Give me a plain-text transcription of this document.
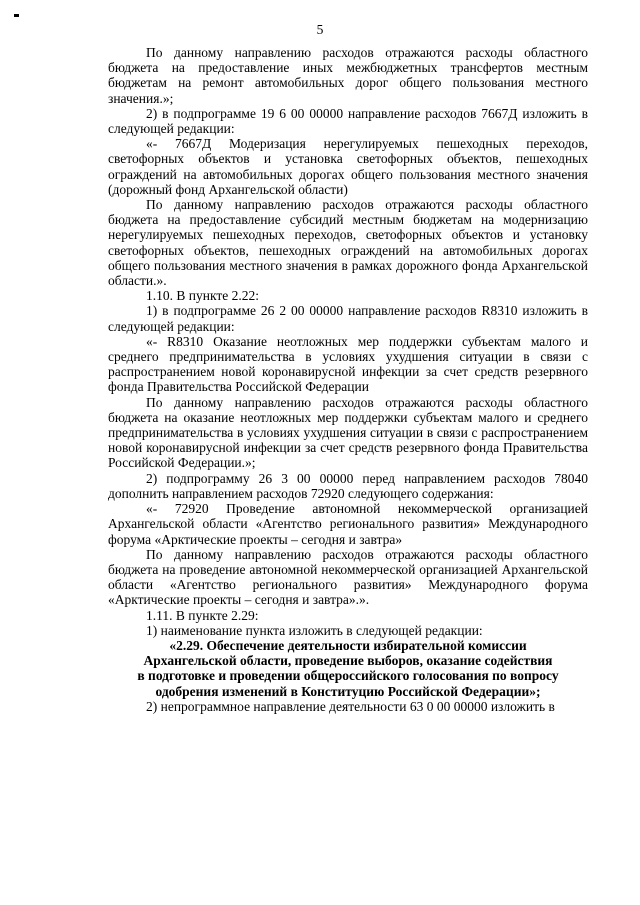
5

По данному направлению расходов отражаются расходы областного бюджета на предоставление иных межбюджетных трансфертов местным бюджетам на ремонт автомобильных дорог общего пользования местного значения.»;

2) в подпрограмме 19 6 00 00000 направление расходов 7667Д изложить в следующей редакции:

«- 7667Д Модеризация нерегулируемых пешеходных переходов, светофорных объектов и установка светофорных объектов, пешеходных ограждений на автомобильных дорогах общего пользования местного значения (дорожный фонд Архангельской области)

По данному направлению расходов отражаются расходы областного бюджета на предоставление субсидий местным бюджетам на модернизацию нерегулируемых пешеходных переходов, светофорных объектов и установку светофорных объектов, пешеходных ограждений на автомобильных дорогах общего пользования местного значения в рамках дорожного фонда Архангельской области.».

1.10. В пункте 2.22:

1) в подпрограмме 26 2 00 00000 направление расходов R8310 изложить в следующей редакции:

«- R8310 Оказание неотложных мер поддержки субъектам малого и среднего предпринимательства в условиях ухудшения ситуации в связи с распространением новой коронавирусной инфекции за счет средств резервного фонда Правительства Российской Федерации

По данному направлению расходов отражаются расходы областного бюджета на оказание неотложных мер поддержки субъектам малого и среднего предпринимательства в условиях ухудшения ситуации в связи с распространением новой коронавирусной инфекции за счет средств резервного фонда Правительства Российской Федерации.»;

2) подпрограмму 26 3 00 00000 перед направлением расходов 78040 дополнить направлением расходов 72920 следующего содержания:

«- 72920 Проведение автономной некоммерческой организацией Архангельской области «Агентство регионального развития» Международного форума «Арктические проекты – сегодня и завтра»

По данному направлению расходов отражаются расходы областного бюджета на проведение автономной некоммерческой организацией Архангельской области «Агентство регионального развития» Международного форума «Арктические проекты – сегодня и завтра».».

1.11. В пункте 2.29:

1) наименование пункта изложить в следующей редакции:

«2.29. Обеспечение деятельности избирательной комиссии

Архангельской области, проведение выборов, оказание содействия

в подготовке и проведении общероссийского голосования по вопросу

одобрения изменений в Конституцию Российской Федерации»;

2) непрограммное направление деятельности 63 0 00 00000 изложить в
